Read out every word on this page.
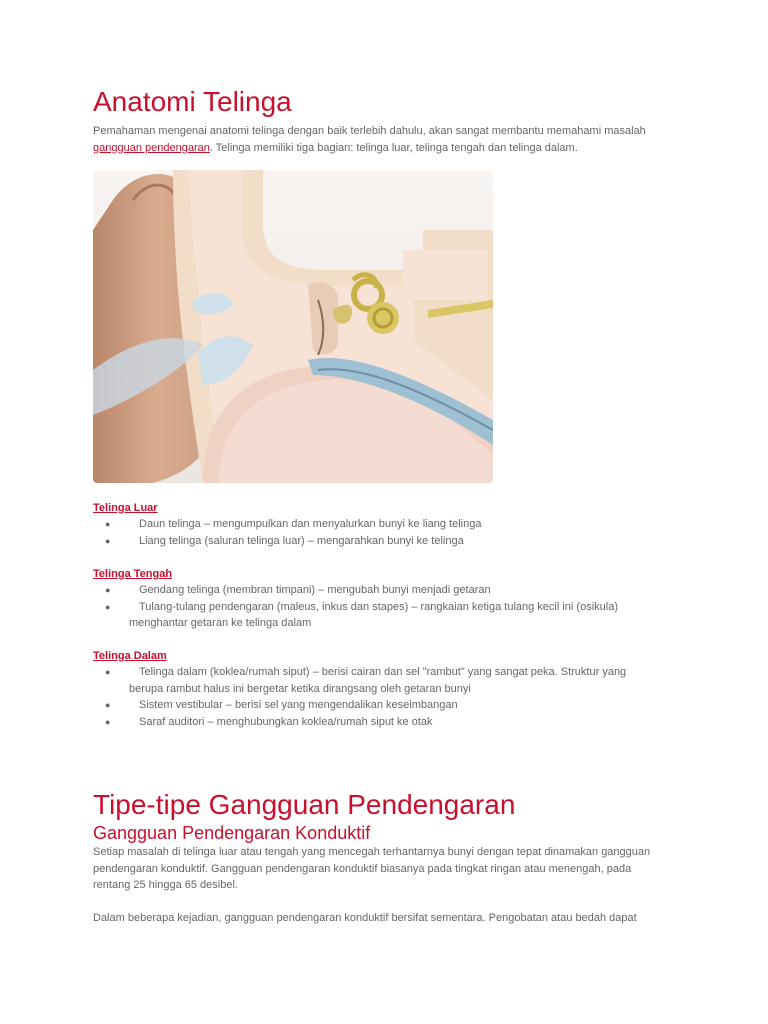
Anatomi Telinga

Pemahaman mengenai anatomi telinga dengan baik terlebih dahulu, akan sangat membantu memahami masalah gangguan pendengaran. Telinga memiliki tiga bagian: telinga luar, telinga tengah dan telinga dalam.

Telinga Luar
●	Daun telinga – mengumpulkan dan menyalurkan bunyi ke liang telinga
●	Liang telinga (saluran telinga luar) – mengarahkan bunyi ke telinga
Telinga Tengah
●	Gendang telinga (membran timpani) – mengubah bunyi menjadi getaran
●	Tulang-tulang pendengaran (maleus, inkus dan stapes) – rangkaian ketiga tulang kecil ini (osikula) menghantar getaran ke telinga dalam
Telinga Dalam
●	Telinga dalam (koklea/rumah siput) – berisi cairan dan sel "rambut" yang sangat peka. Struktur yang berupa rambut halus ini bergetar ketika dirangsang oleh getaran bunyi
●	Sistem vestibular – berisi sel yang mengendalikan keseimbangan
●	Saraf auditori – menghubungkan koklea/rumah siput ke otak
Tipe-tipe Gangguan Pendengaran
Gangguan Pendengaran Konduktif

Setiap masalah di telinga luar atau tengah yang mencegah terhantarnya bunyi dengan tepat dinamakan gangguan pendengaran konduktif. Gangguan pendengaran konduktif biasanya pada tingkat ringan atau menengah, pada rentang 25 hingga 65 desibel.

Dalam beberapa kejadian, gangguan pendengaran konduktif bersifat sementara. Pengobatan atau bedah dapat
